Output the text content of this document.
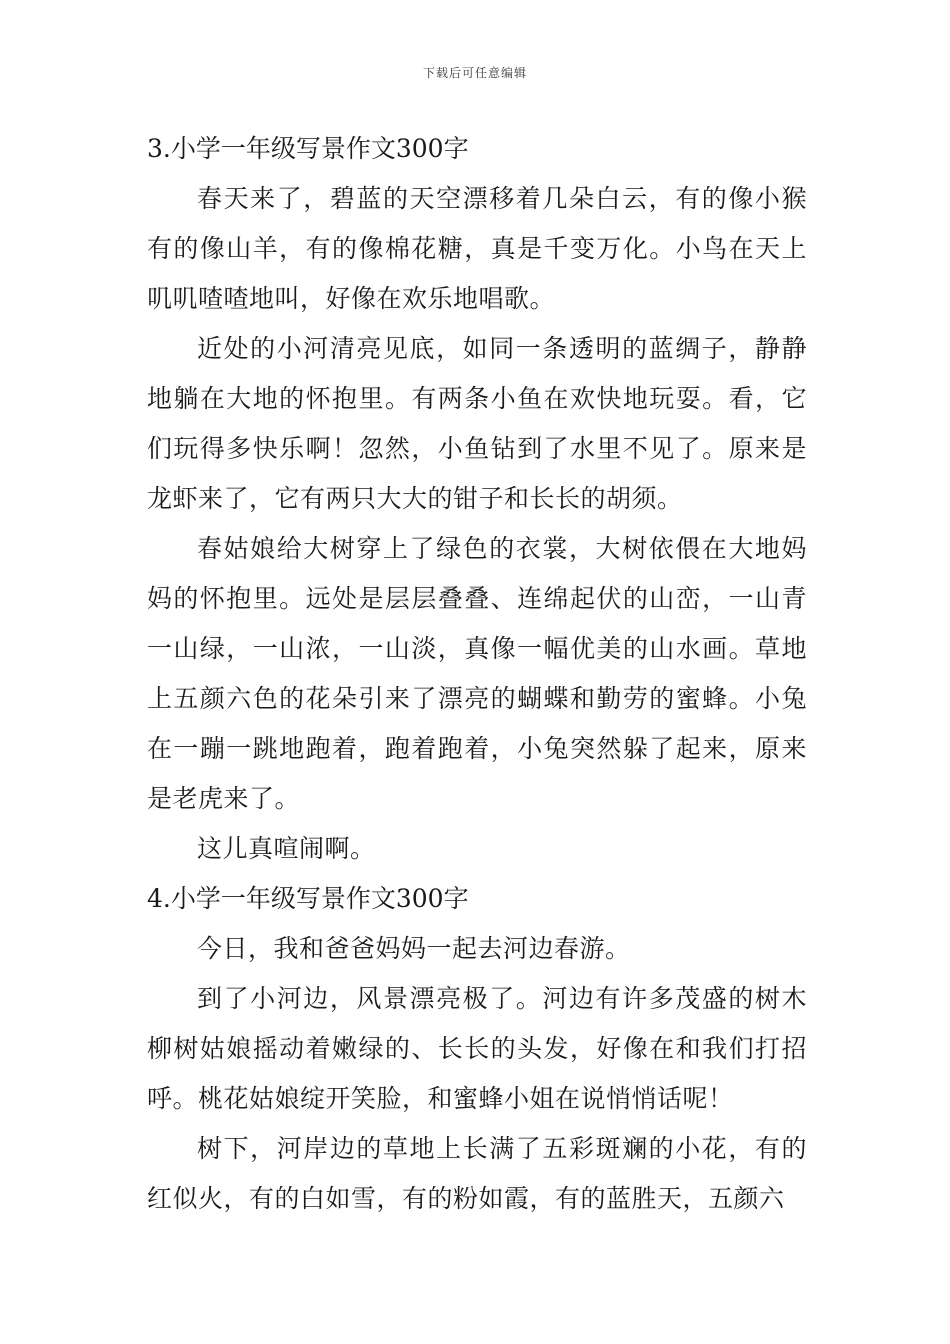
下载后可任意编辑

3.小学一年级写景作文300字

春天来了，碧蓝的天空漂移着几朵白云，有的像小猴有的像山羊，有的像棉花糖，真是千变万化。小鸟在天上叽叽喳喳地叫，好像在欢乐地唱歌。

近处的小河清亮见底，如同一条透明的蓝绸子，静静地躺在大地的怀抱里。有两条小鱼在欢快地玩耍。看，它们玩得多快乐啊！忽然，小鱼钻到了水里不见了。原来是龙虾来了，它有两只大大的钳子和长长的胡须。

春姑娘给大树穿上了绿色的衣裳，大树依偎在大地妈妈的怀抱里。远处是层层叠叠、连绵起伏的山峦，一山青一山绿，一山浓，一山淡，真像一幅优美的山水画。草地上五颜六色的花朵引来了漂亮的蝴蝶和勤劳的蜜蜂。小兔在一蹦一跳地跑着，跑着跑着，小兔突然躲了起来，原来是老虎来了。

这儿真喧闹啊。

4.小学一年级写景作文300字

今日，我和爸爸妈妈一起去河边春游。

到了小河边，风景漂亮极了。河边有许多茂盛的树木柳树姑娘摇动着嫩绿的、长长的头发，好像在和我们打招呼。桃花姑娘绽开笑脸，和蜜蜂小姐在说悄悄话呢！

树下，河岸边的草地上长满了五彩斑斓的小花，有的红似火，有的白如雪，有的粉如霞，有的蓝胜天，五颜六
